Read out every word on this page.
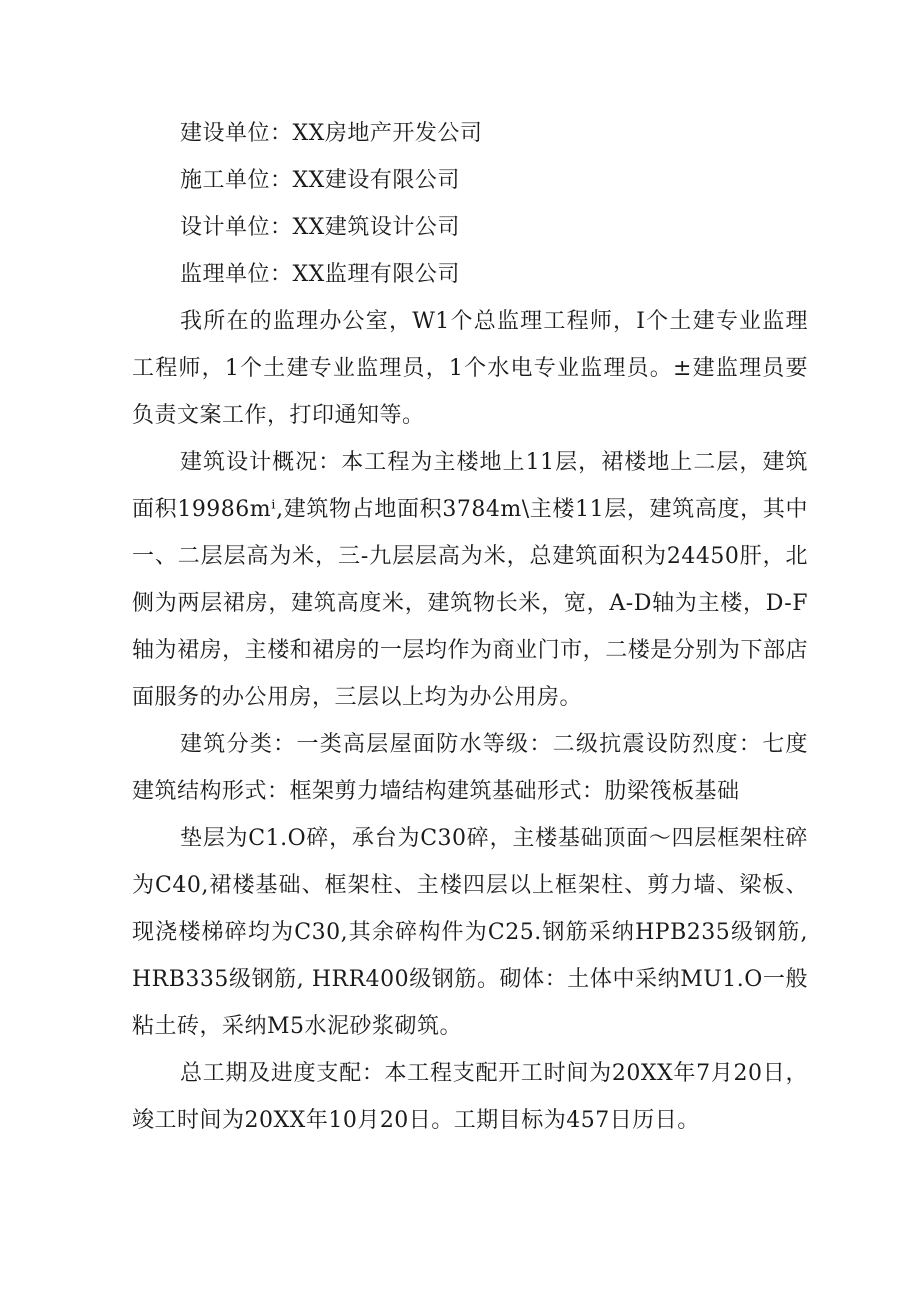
建设单位：XX房地产开发公司

施工单位：XX建设有限公司

设计单位：XX建筑设计公司

监理单位：XX监理有限公司

我所在的监理办公室，W1个总监理工程师，I个土建专业监理工程师，1个土建专业监理员，1个水电专业监理员。±建监理员要负责文案工作，打印通知等。

建筑设计概况：本工程为主楼地上11层，裙楼地上二层，建筑面积19986mⁱ,建筑物占地面积3784m\主楼11层，建筑高度，其中一、二层层高为米，三-九层层高为米，总建筑面积为24450肝，北侧为两层裙房，建筑高度米，建筑物长米，宽，A-D轴为主楼，D-F轴为裙房，主楼和裙房的一层均作为商业门市，二楼是分别为下部店面服务的办公用房，三层以上均为办公用房。

建筑分类：一类高层屋面防水等级：二级抗震设防烈度：七度建筑结构形式：框架剪力墙结构建筑基础形式：肋梁筏板基础

垫层为C1.O碎，承台为C30碎，主楼基础顶面～四层框架柱碎为C40,裙楼基础、框架柱、主楼四层以上框架柱、剪力墙、梁板、现浇楼梯碎均为C30,其余碎构件为C25.钢筋采纳HPB235级钢筋, HRB335级钢筋, HRR400级钢筋。砌体：土体中采纳MU1.O一般粘土砖，采纳M5水泥砂浆砌筑。

总工期及进度支配：本工程支配开工时间为20XX年7月20日，竣工时间为20XX年10月20日。工期目标为457日历日。
